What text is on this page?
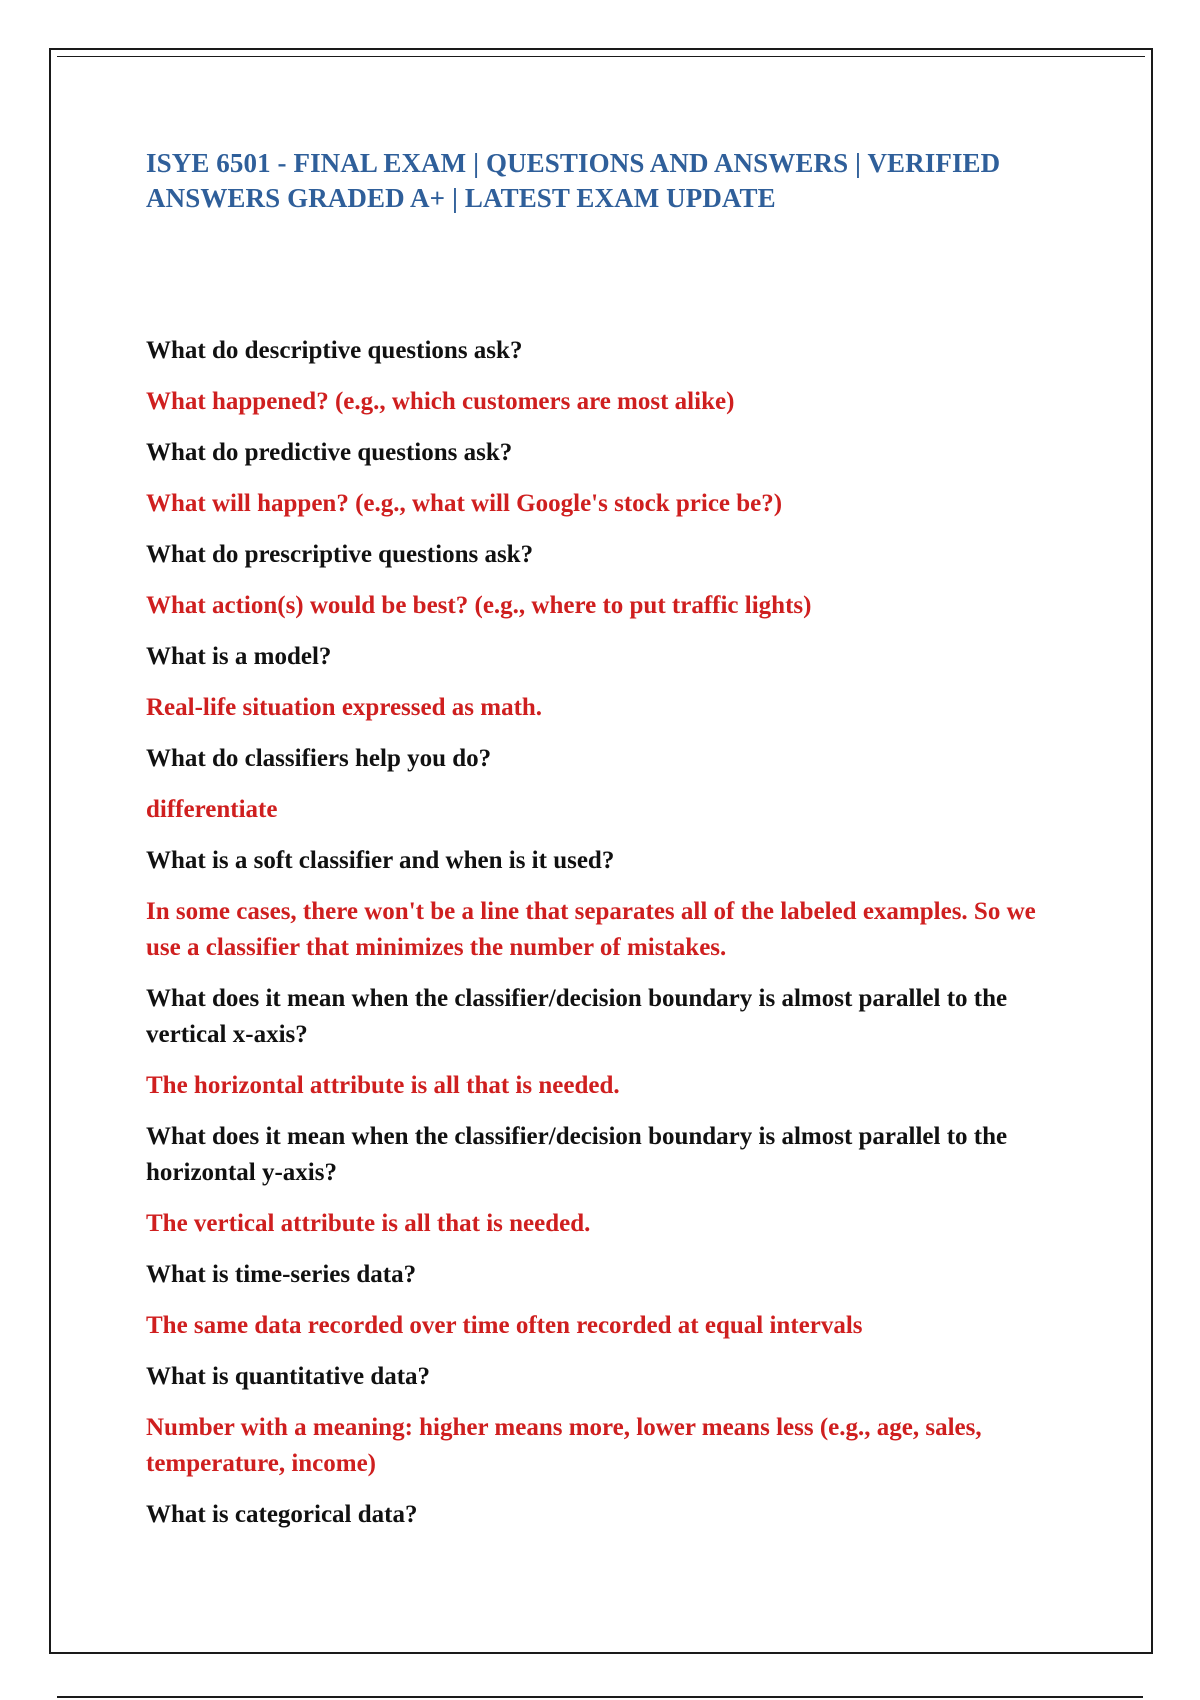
ISYE 6501 - FINAL EXAM | QUESTIONS AND ANSWERS | VERIFIED ANSWERS GRADED A+ | LATEST EXAM UPDATE

What do descriptive questions ask?

What happened? (e.g., which customers are most alike)

What do predictive questions ask?

What will happen? (e.g., what will Google's stock price be?)

What do prescriptive questions ask?

What action(s) would be best? (e.g., where to put traffic lights)

What is a model?

Real-life situation expressed as math.

What do classifiers help you do?

differentiate

What is a soft classifier and when is it used?

In some cases, there won't be a line that separates all of the labeled examples. So we use a classifier that minimizes the number of mistakes.

What does it mean when the classifier/decision boundary is almost parallel to the vertical x-axis?

The horizontal attribute is all that is needed.

What does it mean when the classifier/decision boundary is almost parallel to the horizontal y-axis?

The vertical attribute is all that is needed.

What is time-series data?

The same data recorded over time often recorded at equal intervals

What is quantitative data?

Number with a meaning: higher means more, lower means less (e.g., age, sales, temperature, income)

What is categorical data?
